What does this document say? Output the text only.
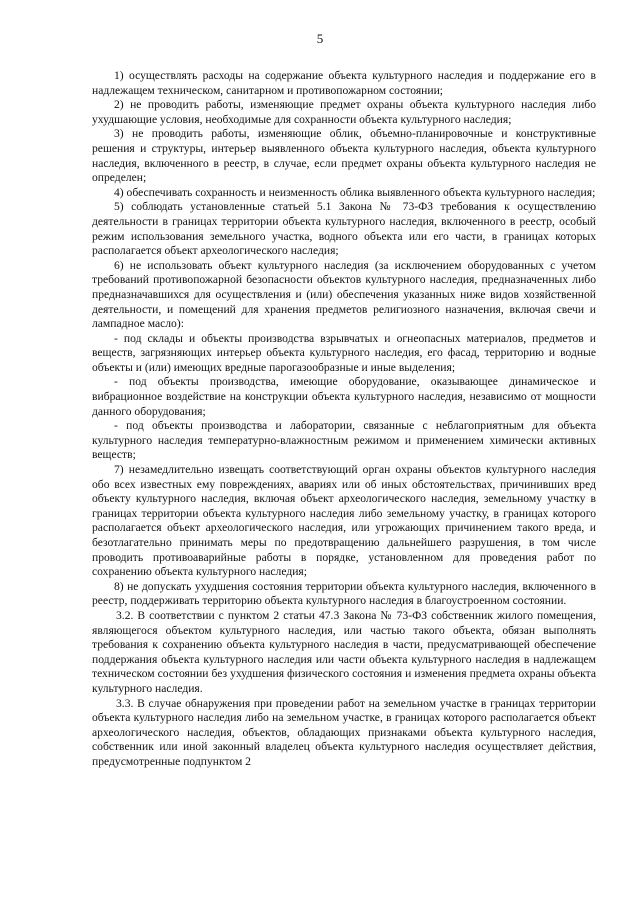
5

1) осуществлять расходы на содержание объекта культурного наследия и поддержание его в надлежащем техническом, санитарном и противопожарном состоянии;

2) не проводить работы, изменяющие предмет охраны объекта культурного наследия либо ухудшающие условия, необходимые для сохранности объекта культурного наследия;

3) не проводить работы, изменяющие облик, объемно-планировочные и конструктивные решения и структуры, интерьер выявленного объекта культурного наследия, объекта культурного наследия, включенного в реестр, в случае, если предмет охраны объекта культурного наследия не определен;

4) обеспечивать сохранность и неизменность облика выявленного объекта культурного наследия;

5) соблюдать установленные статьей 5.1 Закона № 73-ФЗ требования к осуществлению деятельности в границах территории объекта культурного наследия, включенного в реестр, особый режим использования земельного участка, водного объекта или его части, в границах которых располагается объект археологического наследия;

6) не использовать объект культурного наследия (за исключением оборудованных с учетом требований противопожарной безопасности объектов культурного наследия, предназначенных либо предназначавшихся для осуществления и (или) обеспечения указанных ниже видов хозяйственной деятельности, и помещений для хранения предметов религиозного назначения, включая свечи и лампадное масло):

- под склады и объекты производства взрывчатых и огнеопасных материалов, предметов и веществ, загрязняющих интерьер объекта культурного наследия, его фасад, территорию и водные объекты и (или) имеющих вредные парогазообразные и иные выделения;

- под объекты производства, имеющие оборудование, оказывающее динамическое и вибрационное воздействие на конструкции объекта культурного наследия, независимо от мощности данного оборудования;

- под объекты производства и лаборатории, связанные с неблагоприятным для объекта культурного наследия температурно-влажностным режимом и применением химически активных веществ;

7) незамедлительно извещать соответствующий орган охраны объектов культурного наследия обо всех известных ему повреждениях, авариях или об иных обстоятельствах, причинивших вред объекту культурного наследия, включая объект археологического наследия, земельному участку в границах территории объекта культурного наследия либо земельному участку, в границах которого располагается объект археологического наследия, или угрожающих причинением такого вреда, и безотлагательно принимать меры по предотвращению дальнейшего разрушения, в том числе проводить противоаварийные работы в порядке, установленном для проведения работ по сохранению объекта культурного наследия;

8) не допускать ухудшения состояния территории объекта культурного наследия, включенного в реестр, поддерживать территорию объекта культурного наследия в благоустроенном состоянии.

3.2. В соответствии с пунктом 2 статьи 47.3 Закона № 73-ФЗ собственник жилого помещения, являющегося объектом культурного наследия, или частью такого объекта, обязан выполнять требования к сохранению объекта культурного наследия в части, предусматривающей обеспечение поддержания объекта культурного наследия или части объекта культурного наследия в надлежащем техническом состоянии без ухудшения физического состояния и изменения предмета охраны объекта культурного наследия.

3.3. В случае обнаружения при проведении работ на земельном участке в границах территории объекта культурного наследия либо на земельном участке, в границах которого располагается объект археологического наследия, объектов, обладающих признаками объекта культурного наследия, собственник или иной законный владелец объекта культурного наследия осуществляет действия, предусмотренные подпунктом 2
